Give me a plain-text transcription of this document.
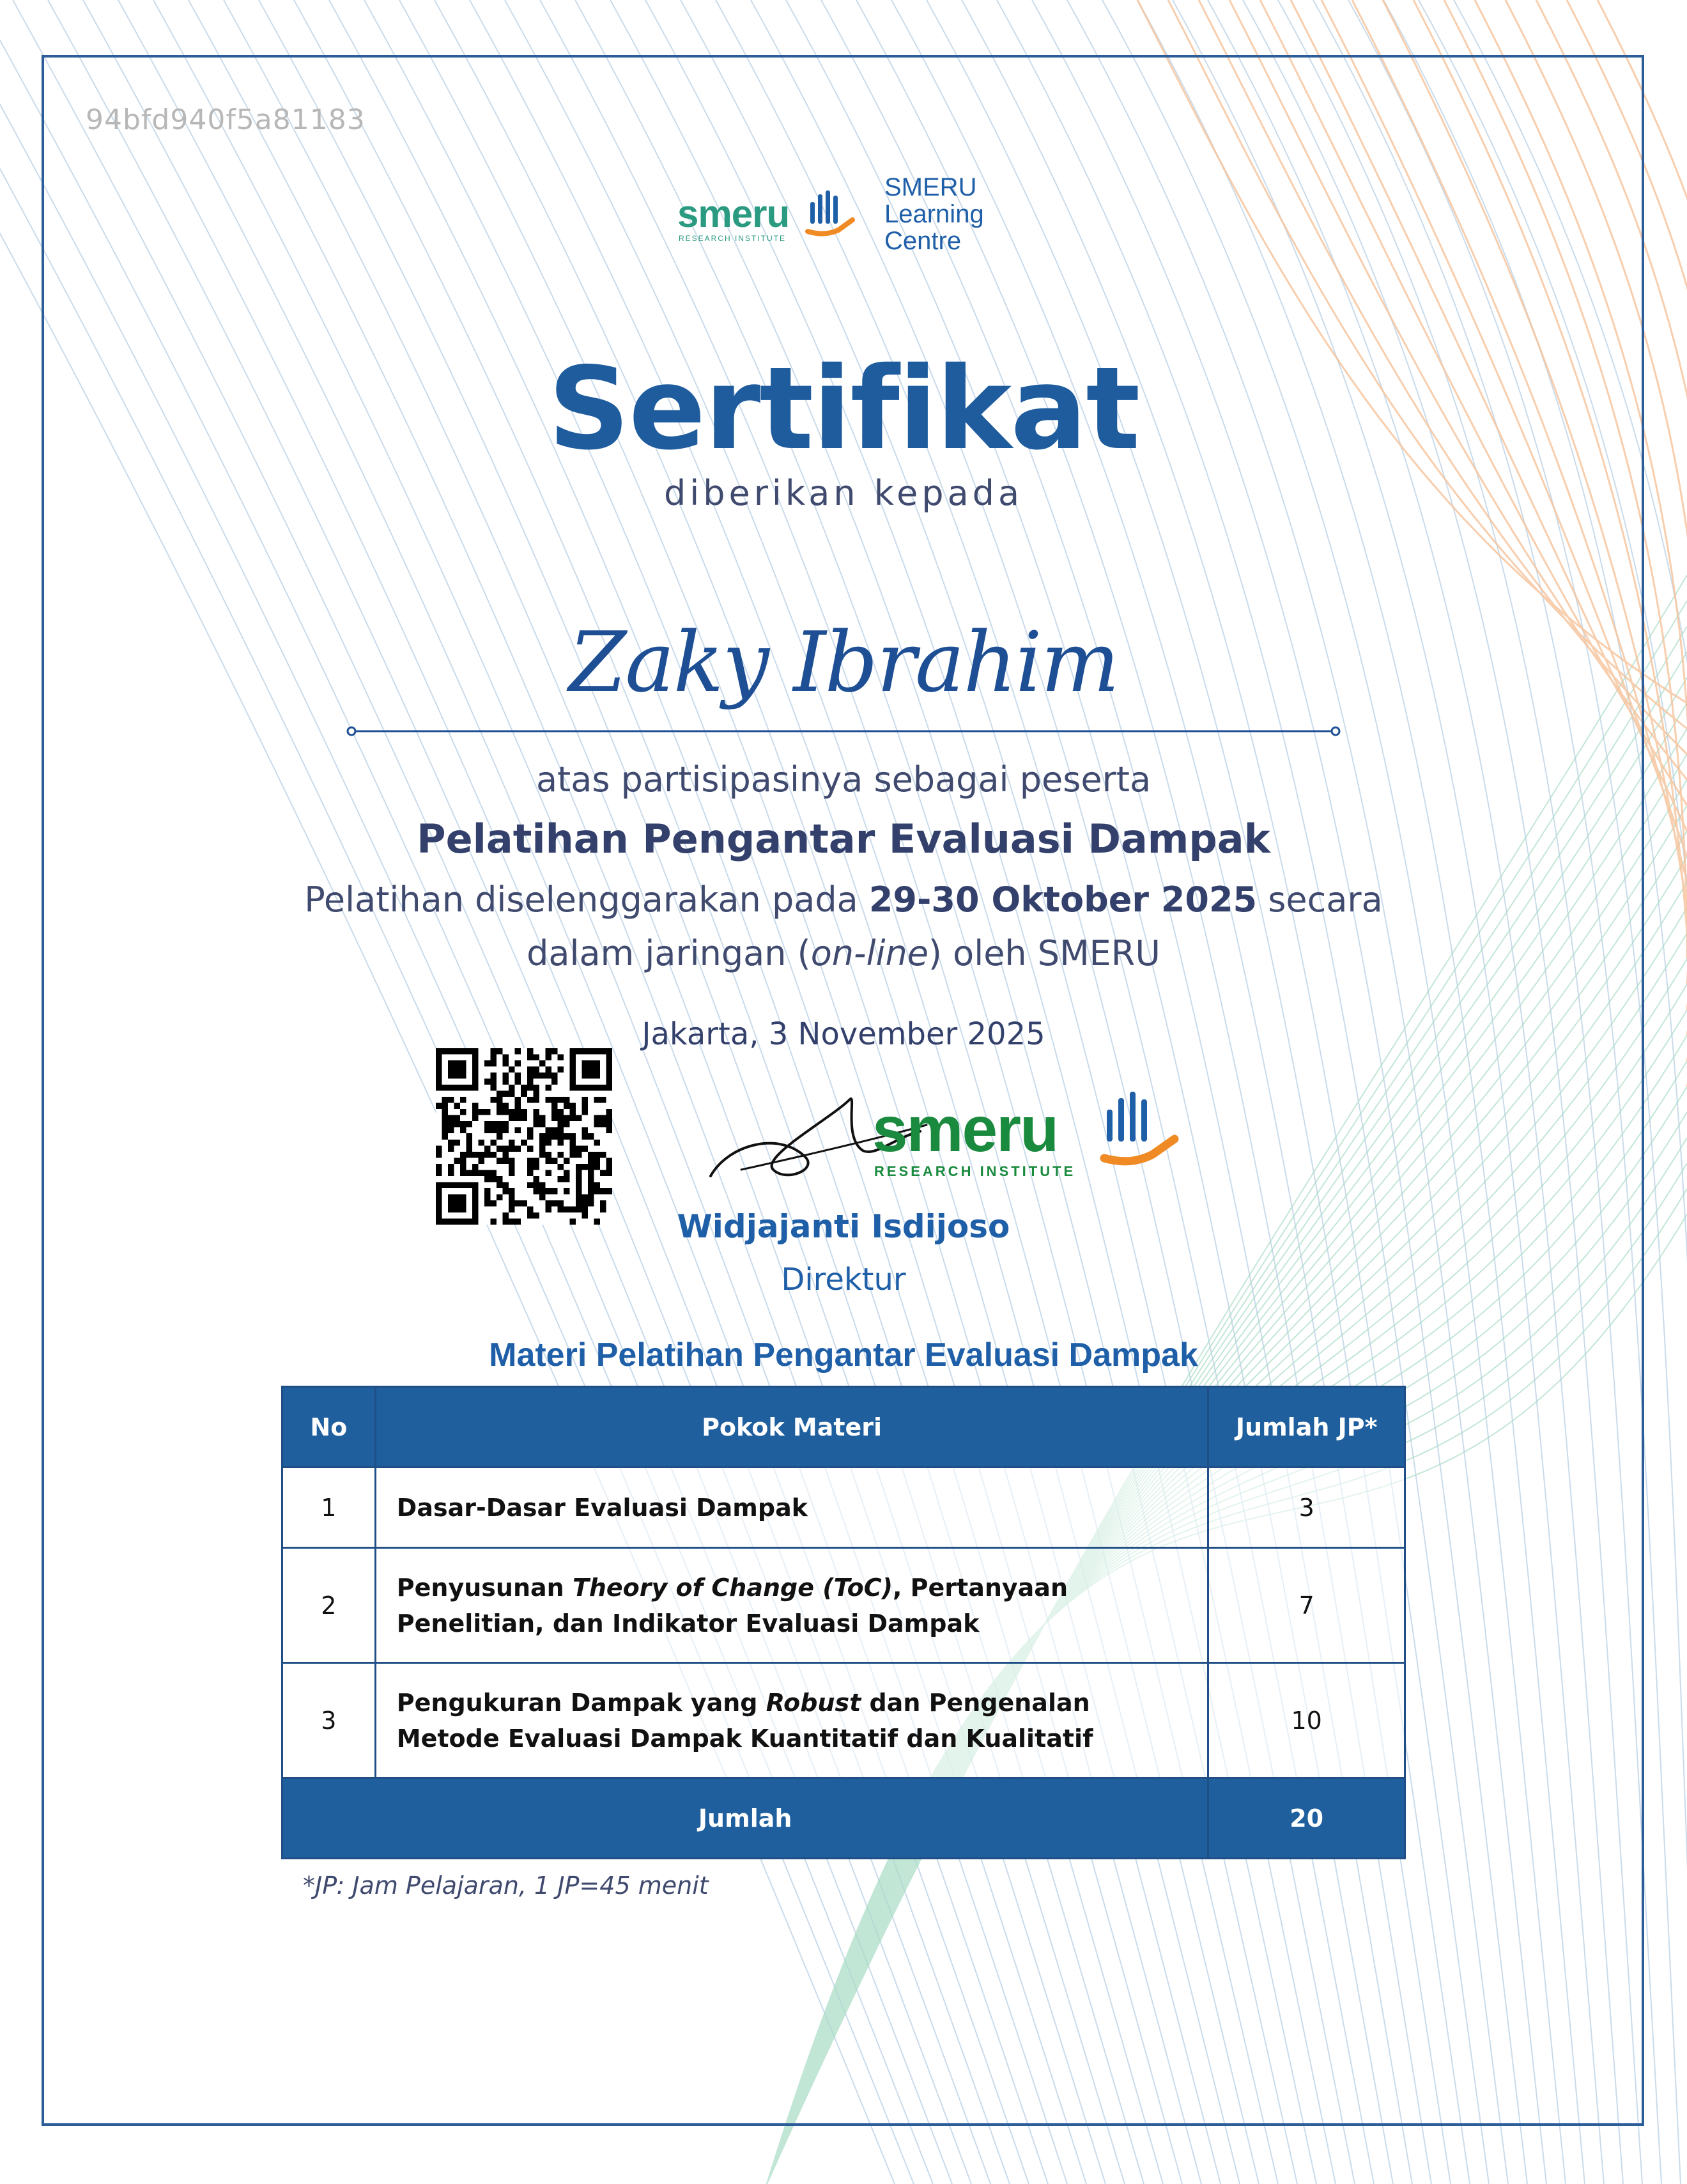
94bfd940f5a81183
smeru
RESEARCH INSTITUTE
SMERU
Learning
Centre
Sertifikat
diberikan kepada
Zaky Ibrahim
atas partisipasinya sebagai peserta
Pelatihan Pengantar Evaluasi Dampak
Pelatihan diselenggarakan pada 29-30 Oktober 2025 secara dalam jaringan (on-line) oleh SMERU
Jakarta, 3 November 2025
smeru
RESEARCH INSTITUTE
Widjajanti Isdijoso
Direktur
Materi Pelatihan Pengantar Evaluasi Dampak
No	Pokok Materi	Jumlah JP*
1	Dasar-Dasar Evaluasi Dampak	3
2	Penyusunan Theory of Change (ToC), Pertanyaan Penelitian, dan Indikator Evaluasi Dampak	7
3	Pengukuran Dampak yang Robust dan Pengenalan Metode Evaluasi Dampak Kuantitatif dan Kualitatif	10
Jumlah		20
*JP: Jam Pelajaran, 1 JP=45 menit
